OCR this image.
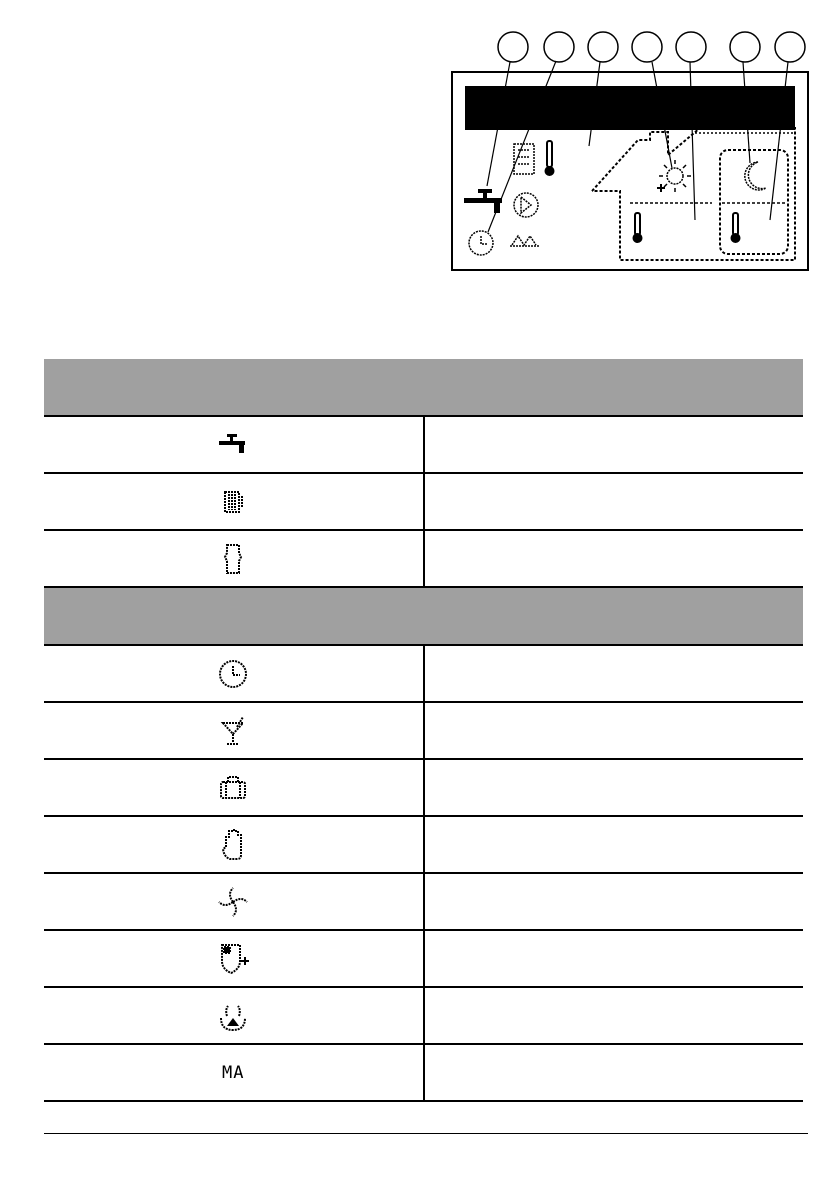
MA	
